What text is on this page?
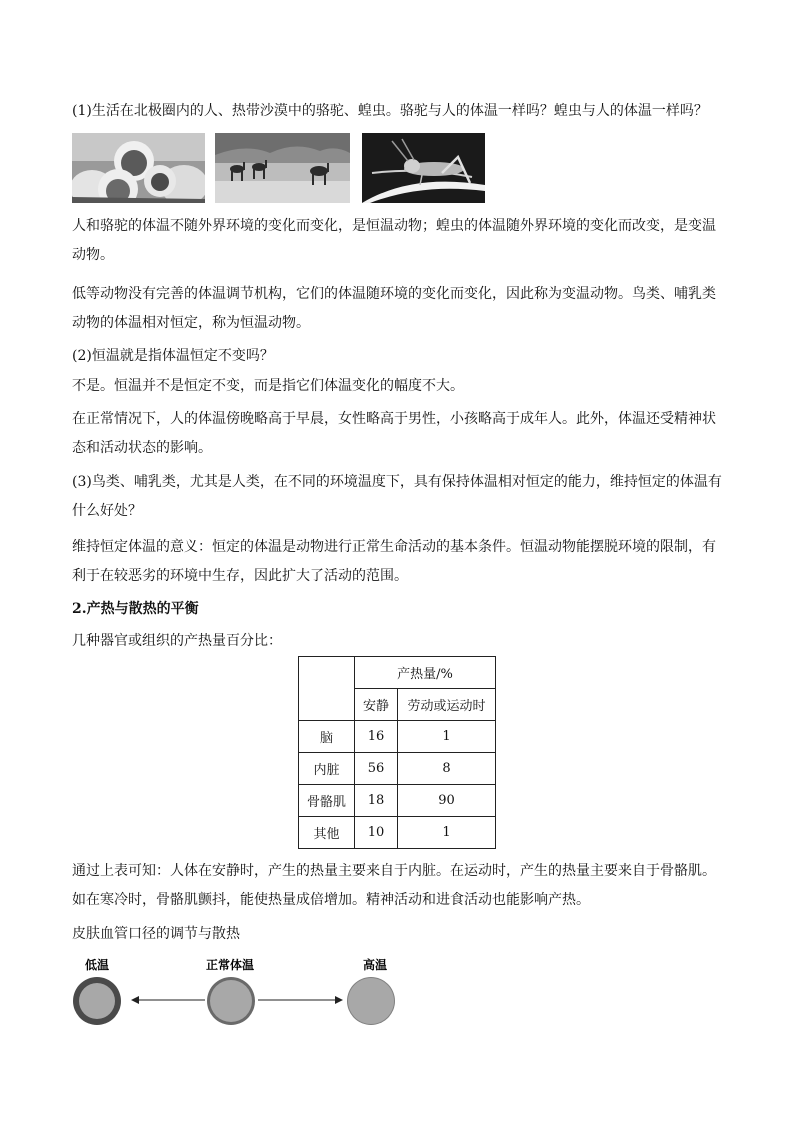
(1)生活在北极圈内的人、热带沙漠中的骆驼、蝗虫。骆驼与人的体温一样吗？蝗虫与人的体温一样吗？

人和骆驼的体温不随外界环境的变化而变化，是恒温动物；蝗虫的体温随外界环境的变化而改变，是变温动物。

低等动物没有完善的体温调节机构，它们的体温随环境的变化而变化，因此称为变温动物。鸟类、哺乳类动物的体温相对恒定，称为恒温动物。

(2)恒温就是指体温恒定不变吗？

不是。恒温并不是恒定不变，而是指它们体温变化的幅度不大。

在正常情况下，人的体温傍晚略高于早晨，女性略高于男性，小孩略高于成年人。此外，体温还受精神状态和活动状态的影响。

(3)鸟类、哺乳类，尤其是人类，在不同的环境温度下，具有保持体温相对恒定的能力，维持恒定的体温有什么好处？

维持恒定体温的意义：恒定的体温是动物进行正常生命活动的基本条件。恒温动物能摆脱环境的限制，有利于在较恶劣的环境中生存，因此扩大了活动的范围。

2.产热与散热的平衡

几种器官或组织的产热量百分比：

	产热量/%	
	安静	劳动或运动时
脑	16	1
内脏	56	8
骨骼肌	18	90
其他	10	1

通过上表可知：人体在安静时，产生的热量主要来自于内脏。在运动时，产生的热量主要来自于骨骼肌。如在寒冷时，骨骼肌颤抖，能使热量成倍增加。精神活动和进食活动也能影响产热。

皮肤血管口径的调节与散热

低温	正常体温	高温
